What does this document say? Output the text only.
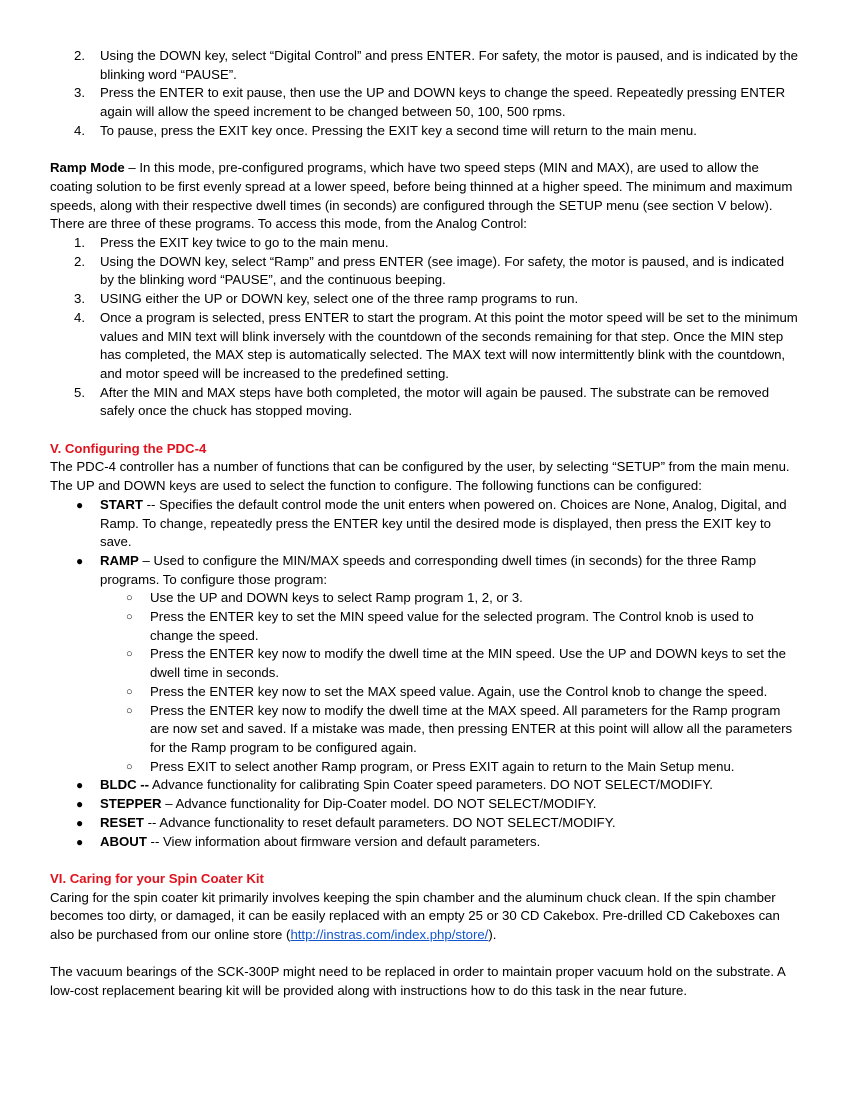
2.	Using the DOWN key, select “Digital Control” and press ENTER. For safety, the motor is paused, and is indicated by the blinking word “PAUSE”.
3.	Press the ENTER to exit pause, then use the UP and DOWN keys to change the speed. Repeatedly pressing ENTER again will allow the speed increment to be changed between 50, 100, 500 rpms.
4.	To pause, press the EXIT key once. Pressing the EXIT key a second time will return to the main menu.

Ramp Mode – In this mode, pre-configured programs, which have two speed steps (MIN and MAX), are used to allow the coating solution to be first evenly spread at a lower speed, before being thinned at a higher speed. The minimum and maximum speeds, along with their respective dwell times (in seconds) are configured through the SETUP menu (see section V below). There are three of these programs. To access this mode, from the Analog Control:

1.	Press the EXIT key twice to go to the main menu.
2.	Using the DOWN key, select “Ramp” and press ENTER (see image). For safety, the motor is paused, and is indicated by the blinking word “PAUSE”, and the continuous beeping.
3.	USING either the UP or DOWN key, select one of the three ramp programs to run.
4.	Once a program is selected, press ENTER to start the program. At this point the motor speed will be set to the minimum values and MIN text will blink inversely with the countdown of the seconds remaining for that step. Once the MIN step has completed, the MAX step is automatically selected. The MAX text will now intermittently blink with the countdown, and motor speed will be increased to the predefined setting.
5.	After the MIN and MAX steps have both completed, the motor will again be paused. The substrate can be removed safely once the chuck has stopped moving.

V. Configuring the PDC-4

The PDC-4 controller has a number of functions that can be configured by the user, by selecting “SETUP” from the main menu. The UP and DOWN keys are used to select the function to configure. The following functions can be configured:

●	START -- Specifies the default control mode the unit enters when powered on. Choices are None, Analog, Digital, and Ramp. To change, repeatedly press the ENTER key until the desired mode is displayed, then press the EXIT key to save.
●	RAMP – Used to configure the MIN/MAX speeds and corresponding dwell times (in seconds) for the three Ramp programs. To configure those program:
○	Use the UP and DOWN keys to select Ramp program 1, 2, or 3.
○	Press the ENTER key to set the MIN speed value for the selected program. The Control knob is used to change the speed.
○	Press the ENTER key now to modify the dwell time at the MIN speed. Use the UP and DOWN keys to set the dwell time in seconds.
○	Press the ENTER key now to set the MAX speed value. Again, use the Control knob to change the speed.
○	Press the ENTER key now to modify the dwell time at the MAX speed. All parameters for the Ramp program are now set and saved. If a mistake was made, then pressing ENTER at this point will allow all the parameters for the Ramp program to be configured again.
○	Press EXIT to select another Ramp program, or Press EXIT again to return to the Main Setup menu.
●	BLDC -- Advance functionality for calibrating Spin Coater speed parameters. DO NOT SELECT/MODIFY.
●	STEPPER – Advance functionality for Dip-Coater model. DO NOT SELECT/MODIFY.
●	RESET -- Advance functionality to reset default parameters. DO NOT SELECT/MODIFY.
●	ABOUT -- View information about firmware version and default parameters.

VI. Caring for your Spin Coater Kit

Caring for the spin coater kit primarily involves keeping the spin chamber and the aluminum chuck clean. If the spin chamber becomes too dirty, or damaged, it can be easily replaced with an empty 25 or 30 CD Cakebox. Pre-drilled CD Cakeboxes can also be purchased from our online store (http://instras.com/index.php/store/).

The vacuum bearings of the SCK-300P might need to be replaced in order to maintain proper vacuum hold on the substrate. A low-cost replacement bearing kit will be provided along with instructions how to do this task in the near future.
